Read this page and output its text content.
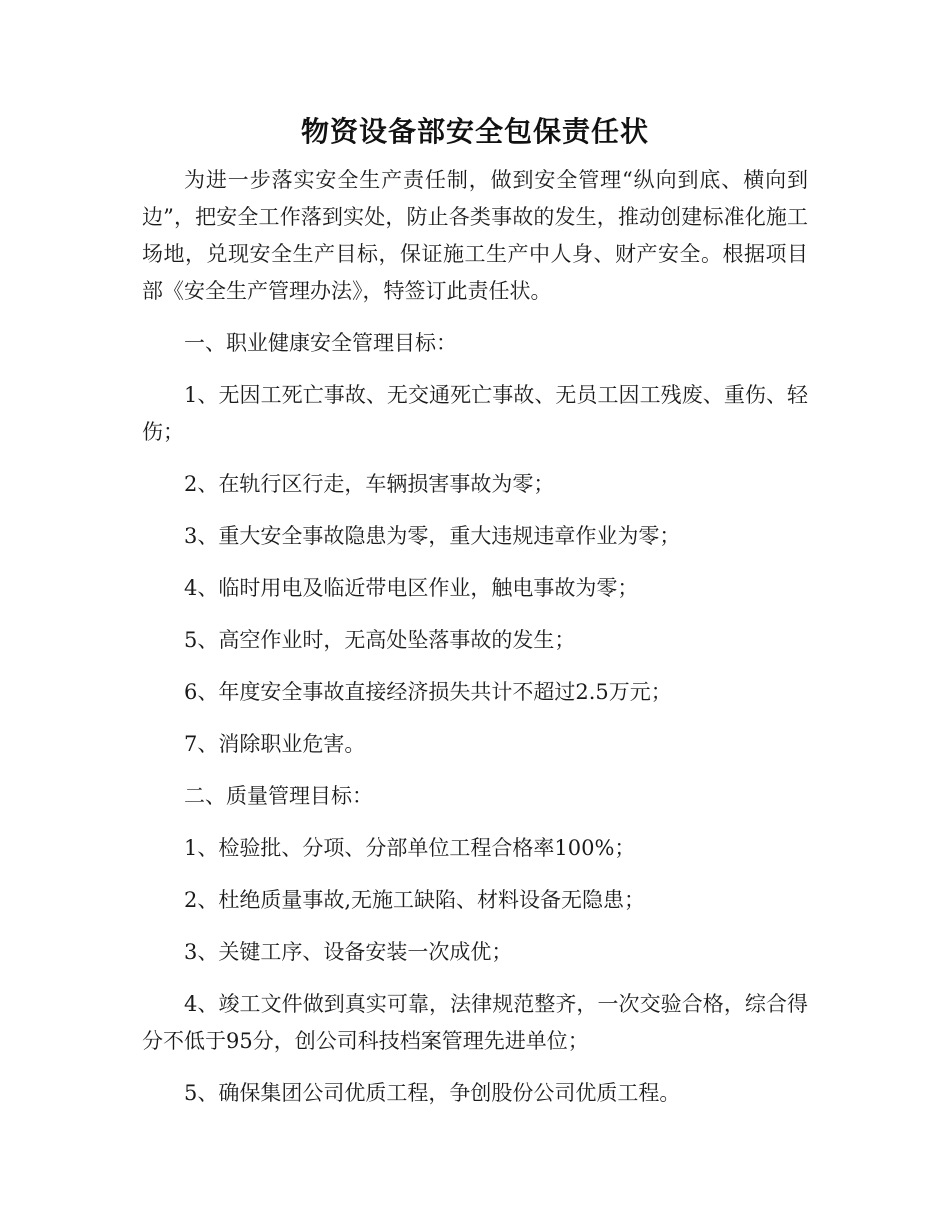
物资设备部安全包保责任状

为进一步落实安全生产责任制，做到安全管理“纵向到底、横向到边”，把安全工作落到实处，防止各类事故的发生，推动创建标准化施工场地，兑现安全生产目标，保证施工生产中人身、财产安全。根据项目部《安全生产管理办法》，特签订此责任状。

一、职业健康安全管理目标：

1、无因工死亡事故、无交通死亡事故、无员工因工残废、重伤、轻伤；

2、在轨行区行走，车辆损害事故为零；

3、重大安全事故隐患为零，重大违规违章作业为零；

4、临时用电及临近带电区作业，触电事故为零；

5、高空作业时，无高处坠落事故的发生；

6、年度安全事故直接经济损失共计不超过2.5万元；

7、消除职业危害。

二、质量管理目标：

1、检验批、分项、分部单位工程合格率100%；

2、杜绝质量事故,无施工缺陷、材料设备无隐患；

3、关键工序、设备安装一次成优；

4、竣工文件做到真实可靠，法律规范整齐，一次交验合格，综合得分不低于95分，创公司科技档案管理先进单位；

5、确保集团公司优质工程，争创股份公司优质工程。
